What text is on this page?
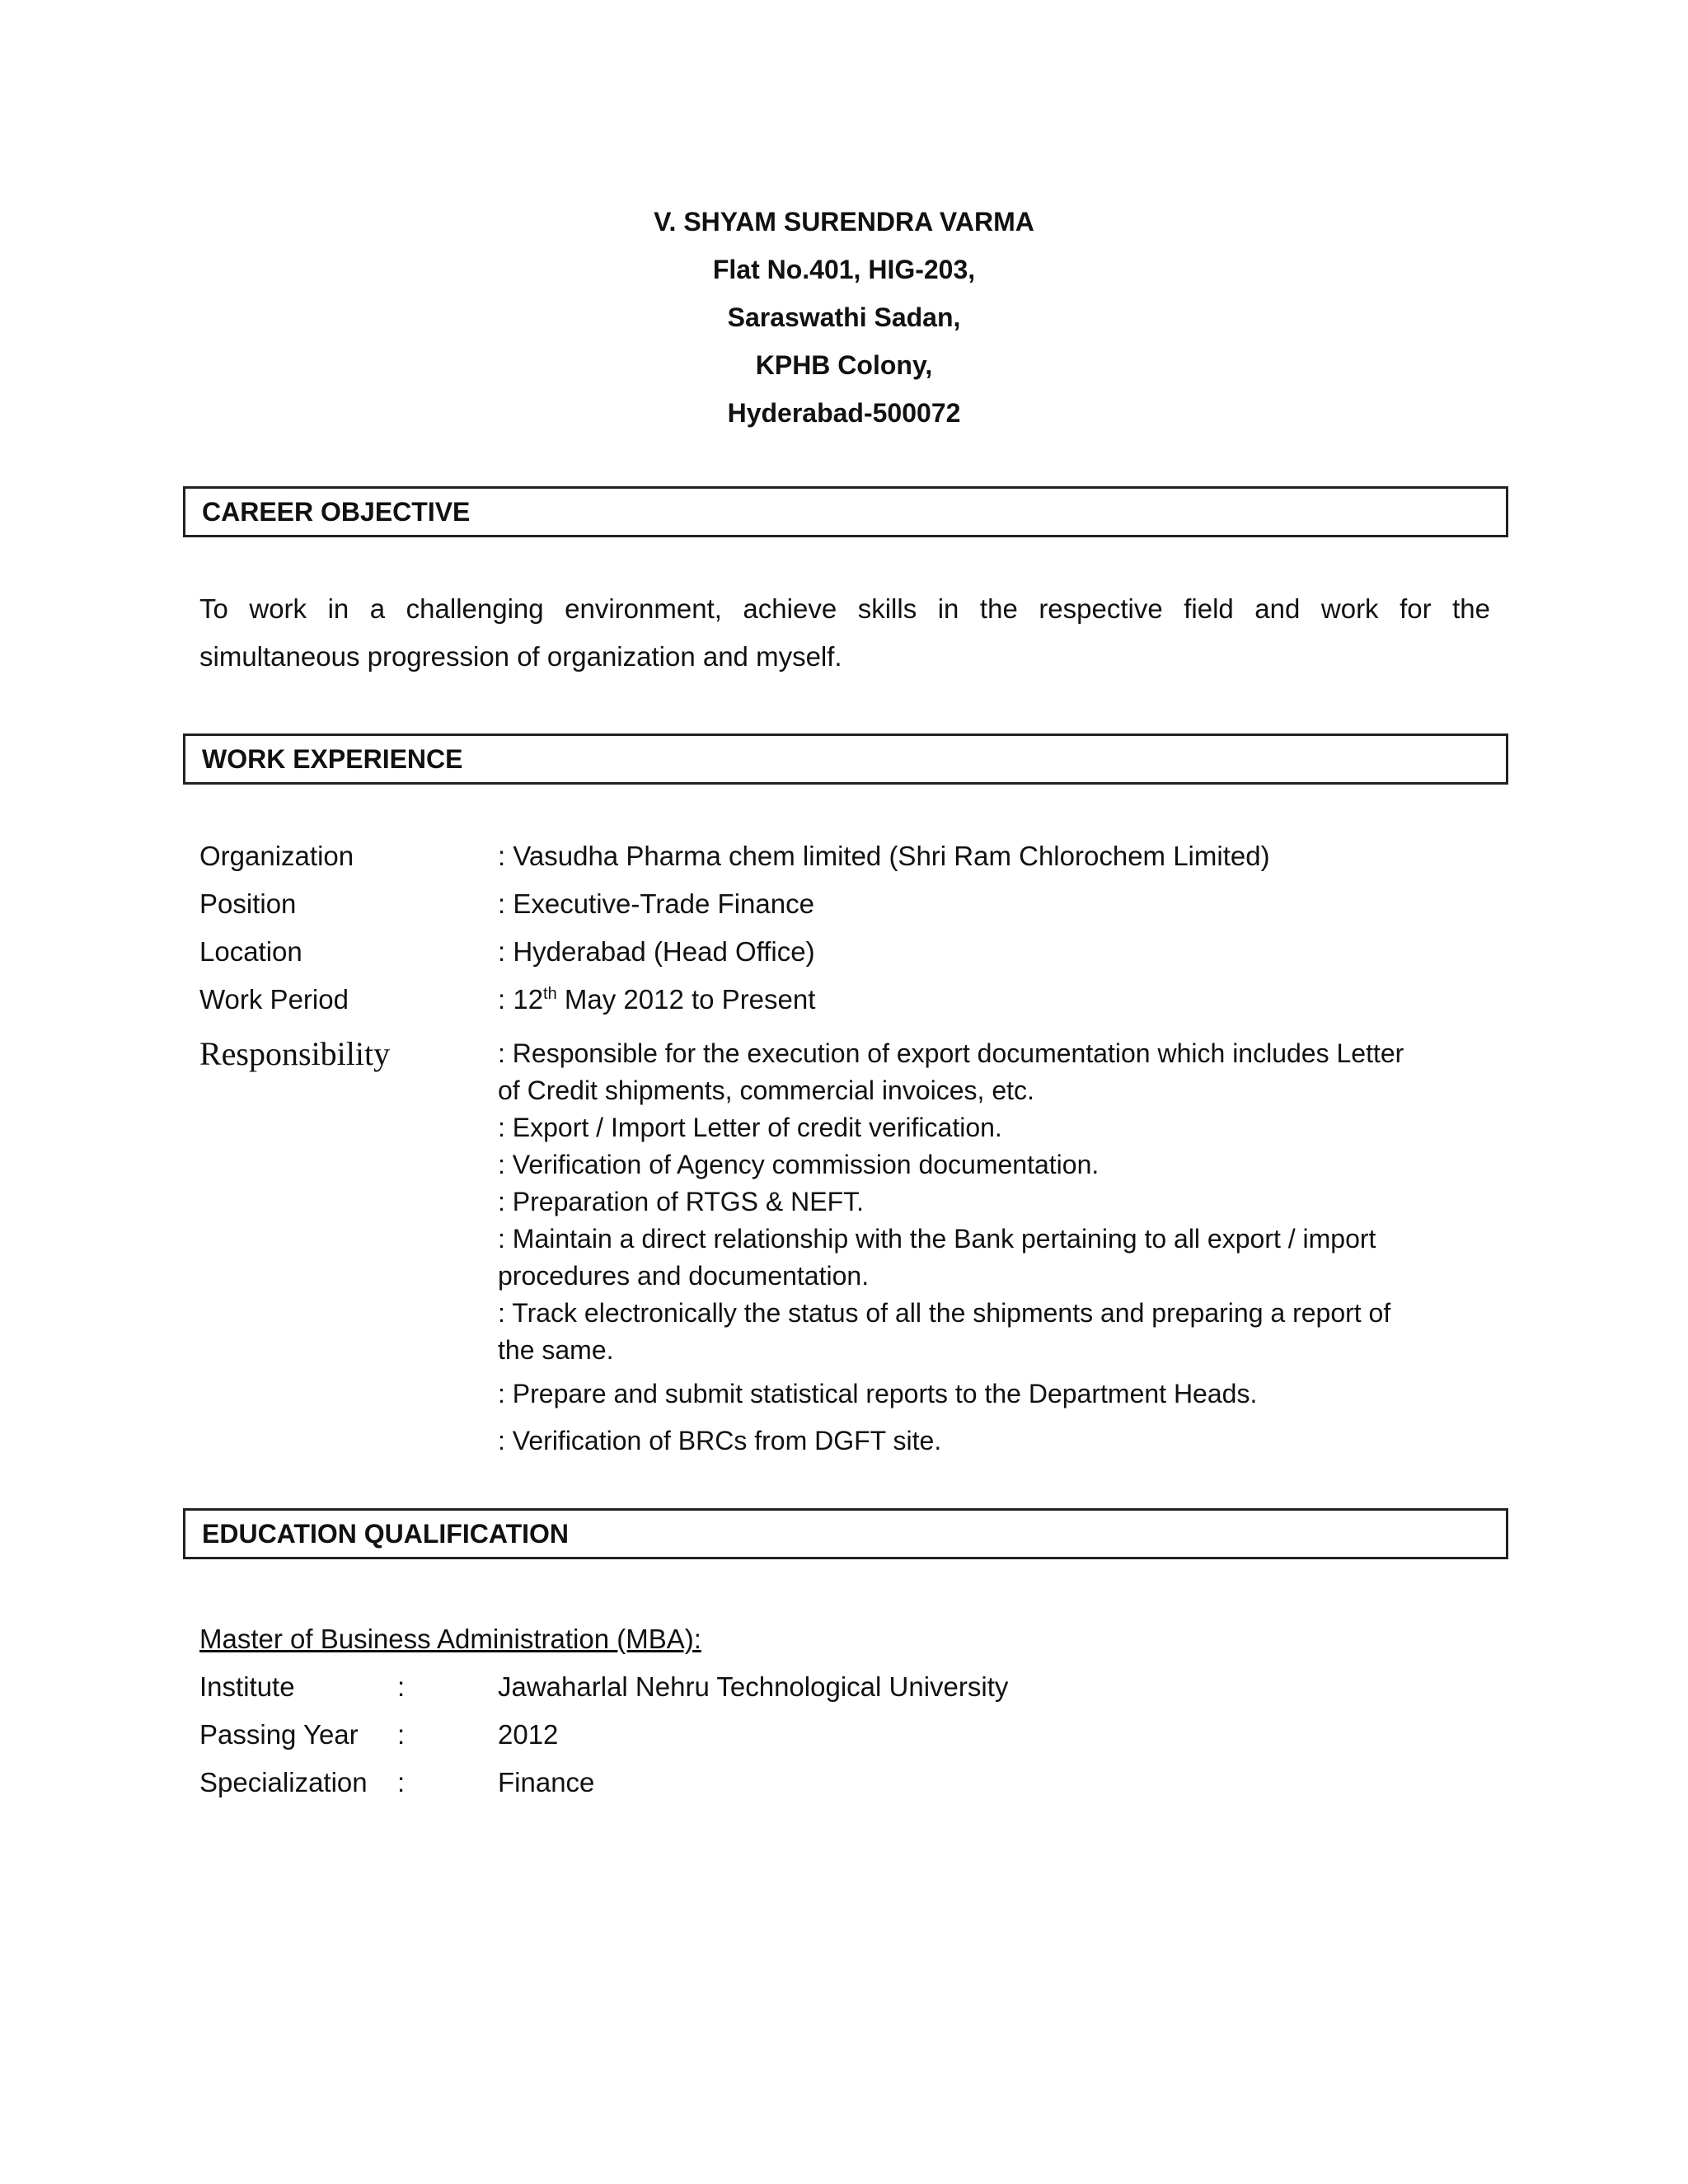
V. SHYAM SURENDRA VARMA
Flat No.401, HIG-203,
Saraswathi Sadan,
KPHB Colony,
Hyderabad-500072
CAREER OBJECTIVE
To work in a challenging environment, achieve skills in the respective field and work for the
simultaneous progression of organization and myself.
WORK EXPERIENCE
Organization	: Vasudha Pharma chem limited (Shri Ram Chlorochem Limited)
Position	: Executive-Trade Finance
Location	: Hyderabad (Head Office)
Work Period	: 12th May 2012 to Present
Responsibility	: Responsible for the execution of export documentation which includes Letter
of Credit shipments, commercial invoices, etc.
: Export / Import Letter of credit verification.
: Verification of Agency commission documentation.
: Preparation of RTGS & NEFT.
: Maintain a direct relationship with the Bank pertaining to all export / import
procedures and documentation.
: Track electronically the status of all the shipments and preparing a report of
the same.
: Prepare and submit statistical reports to the Department Heads.
: Verification of BRCs from DGFT site.
EDUCATION QUALIFICATION
Master of Business Administration (MBA):
Institute	:	Jawaharlal Nehru Technological University
Passing Year :	2012
Specialization :	Finance
